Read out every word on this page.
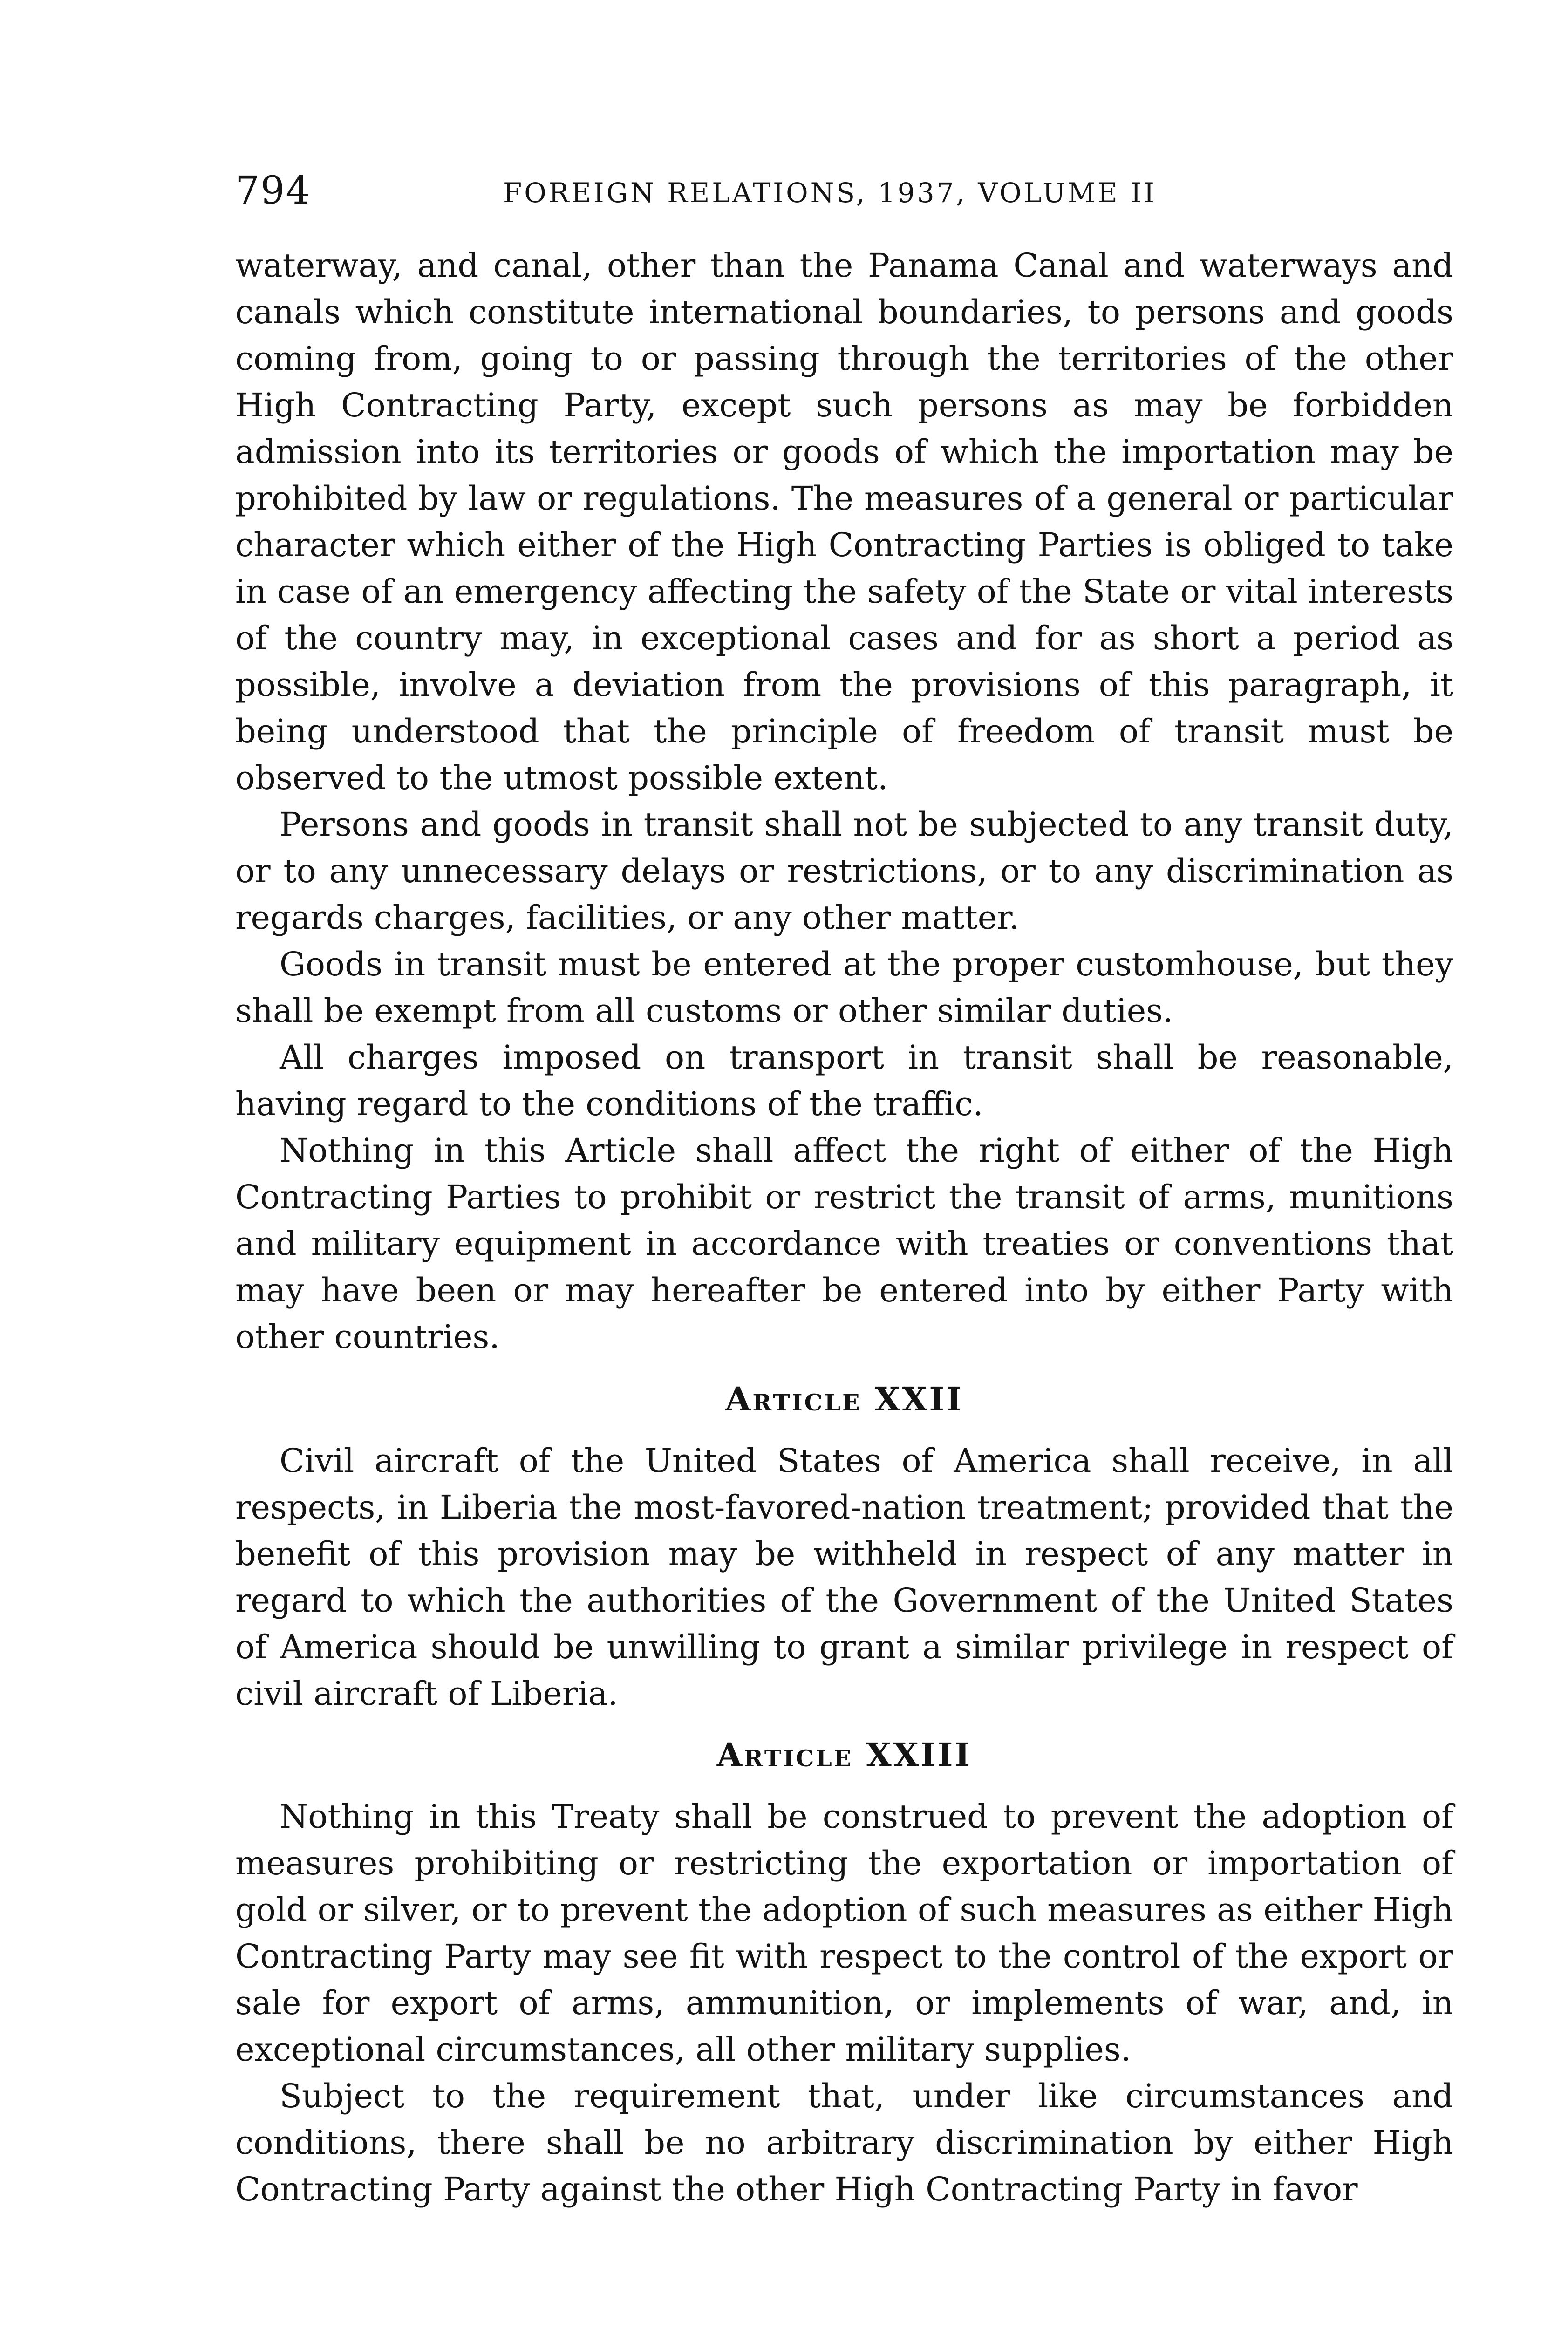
794	FOREIGN RELATIONS, 1937, VOLUME II

waterway, and canal, other than the Panama Canal and waterways and canals which constitute international boundaries, to persons and goods coming from, going to or passing through the territories of the other High Contracting Party, except such persons as may be forbidden admission into its territories or goods of which the importation may be prohibited by law or regulations. The measures of a general or particular character which either of the High Contracting Parties is obliged to take in case of an emergency affecting the safety of the State or vital interests of the country may, in exceptional cases and for as short a period as possible, involve a deviation from the provisions of this paragraph, it being understood that the principle of freedom of transit must be observed to the utmost possible extent.

Persons and goods in transit shall not be subjected to any transit duty, or to any unnecessary delays or restrictions, or to any discrimination as regards charges, facilities, or any other matter.

Goods in transit must be entered at the proper customhouse, but they shall be exempt from all customs or other similar duties.

All charges imposed on transport in transit shall be reasonable, having regard to the conditions of the traffic.

Nothing in this Article shall affect the right of either of the High Contracting Parties to prohibit or restrict the transit of arms, munitions and military equipment in accordance with treaties or conventions that may have been or may hereafter be entered into by either Party with other countries.

Article XXII

Civil aircraft of the United States of America shall receive, in all respects, in Liberia the most-favored-nation treatment; provided that the benefit of this provision may be withheld in respect of any matter in regard to which the authorities of the Government of the United States of America should be unwilling to grant a similar privilege in respect of civil aircraft of Liberia.

Article XXIII

Nothing in this Treaty shall be construed to prevent the adoption of measures prohibiting or restricting the exportation or importation of gold or silver, or to prevent the adoption of such measures as either High Contracting Party may see fit with respect to the control of the export or sale for export of arms, ammunition, or implements of war, and, in exceptional circumstances, all other military supplies.

Subject to the requirement that, under like circumstances and conditions, there shall be no arbitrary discrimination by either High Contracting Party against the other High Contracting Party in favor
